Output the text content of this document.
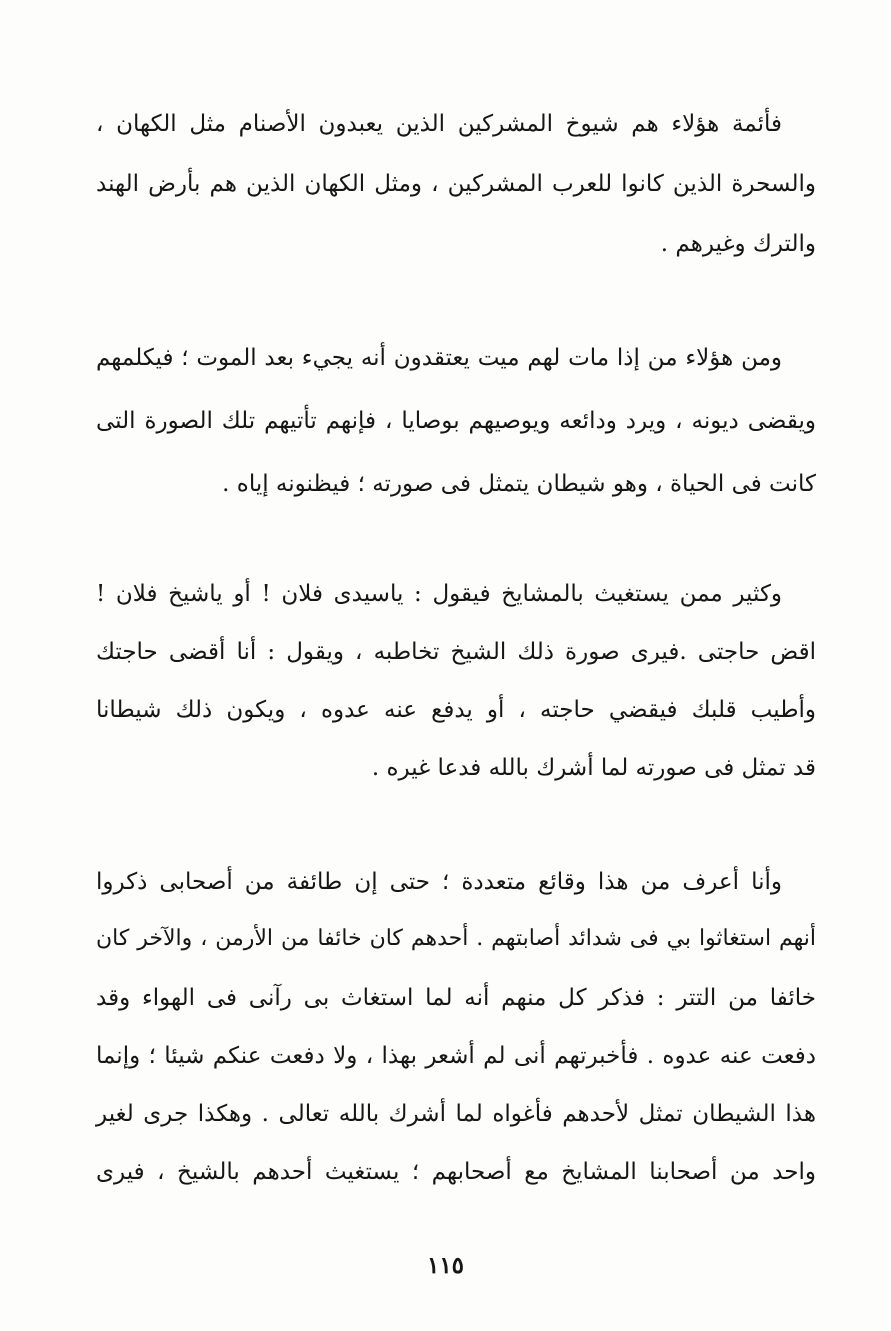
فأئمة هؤلاء هم شيوخ المشركين الذين يعبدون الأصنام مثل الكهان ،
والسحرة الذين كانوا للعرب المشركين ، ومثل الكهان الذين هم بأرض الهند
والترك وغيرهم .
ومن هؤلاء من إذا مات لهم ميت يعتقدون أنه يجيء بعد الموت ؛ فيكلمهم
ويقضى ديونه ، ويرد ودائعه ويوصيهم بوصايا ، فإنهم تأتيهم تلك الصورة التى
كانت فى الحياة ، وهو شيطان يتمثل فى صورته ؛ فيظنونه إياه .
وكثير ممن يستغيث بالمشايخ فيقول : ياسيدى فلان ! أو ياشيخ فلان !
اقض حاجتى .فيرى صورة ذلك الشيخ تخاطبه ، ويقول : أنا أقضى حاجتك
وأطيب قلبك فيقضي حاجته ، أو يدفع عنه عدوه ، ويكون ذلك شيطانا
قد تمثل فى صورته لما أشرك بالله فدعا غيره .
وأنا أعرف من هذا وقائع متعددة ؛ حتى إن طائفة من أصحابى ذكروا
أنهم استغاثوا بي فى شدائد أصابتهم . أحدهم كان خائفا من الأرمن ، والآخر كان
خائفا من التتر : فذكر كل منهم أنه لما استغاث بى رآنى فى الهواء وقد
دفعت عنه عدوه . فأخبرتهم أنى لم أشعر بهذا ، ولا دفعت عنكم شيئا ؛ وإنما
هذا الشيطان تمثل لأحدهم فأغواه لما أشرك بالله تعالى . وهكذا جرى لغير
واحد من أصحابنا المشايخ مع أصحابهم ؛ يستغيث أحدهم بالشيخ ، فيرى
١١٥
